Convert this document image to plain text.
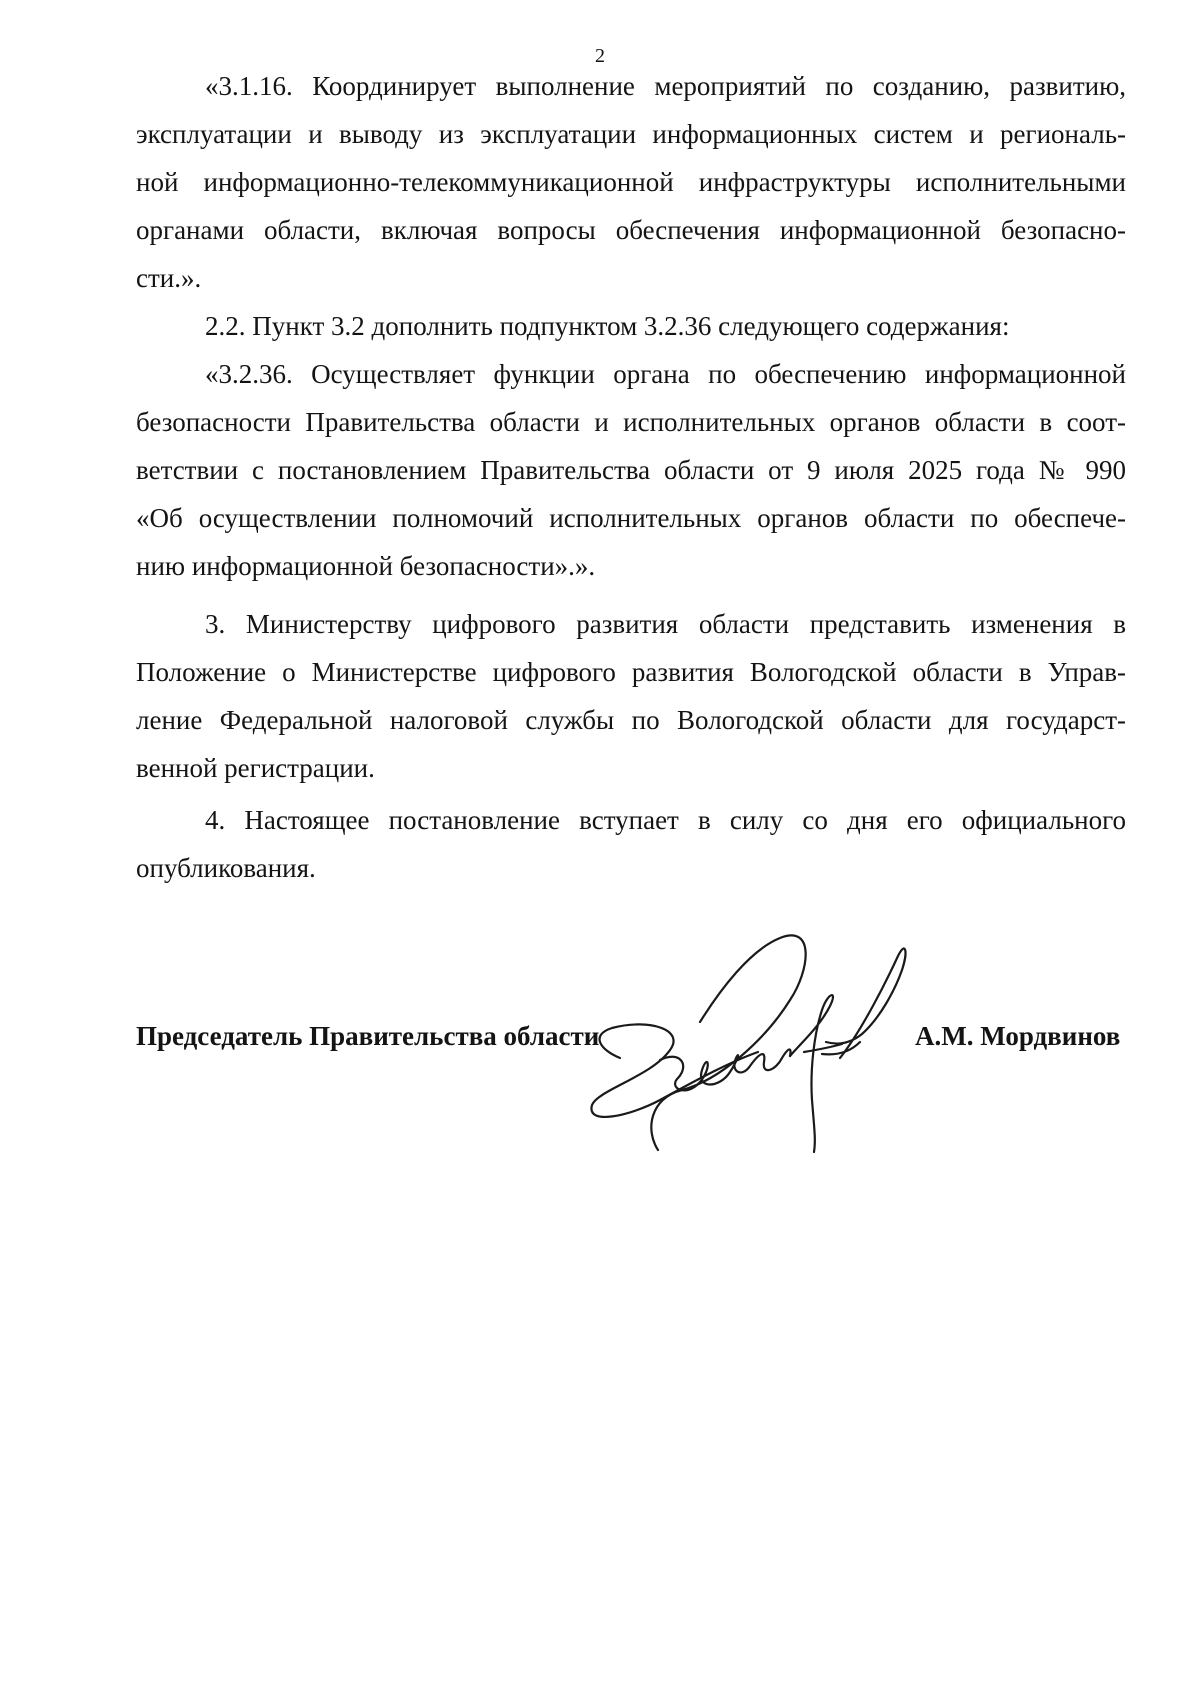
2
«3.1.16. Координирует выполнение мероприятий по созданию, развитию,
эксплуатации и выводу из эксплуатации информационных систем и региональ-
ной информационно-телекоммуникационной инфраструктуры исполнительными
органами области, включая вопросы обеспечения информационной безопасно-
сти.».
2.2. Пункт 3.2 дополнить подпунктом 3.2.36 следующего содержания:
«3.2.36. Осуществляет функции органа по обеспечению информационной
безопасности Правительства области и исполнительных органов области в соот-
ветствии с постановлением Правительства области от 9 июля 2025 года № 990
«Об осуществлении полномочий исполнительных органов области по обеспече-
нию информационной безопасности».».
3. Министерству цифрового развития области представить изменения в
Положение о Министерстве цифрового развития Вологодской области в Управ-
ление Федеральной налоговой службы по Вологодской области для государст-
венной регистрации.
4. Настоящее постановление вступает в силу со дня его официального
опубликования.
Председатель Правительства области	А.М. Мордвинов
